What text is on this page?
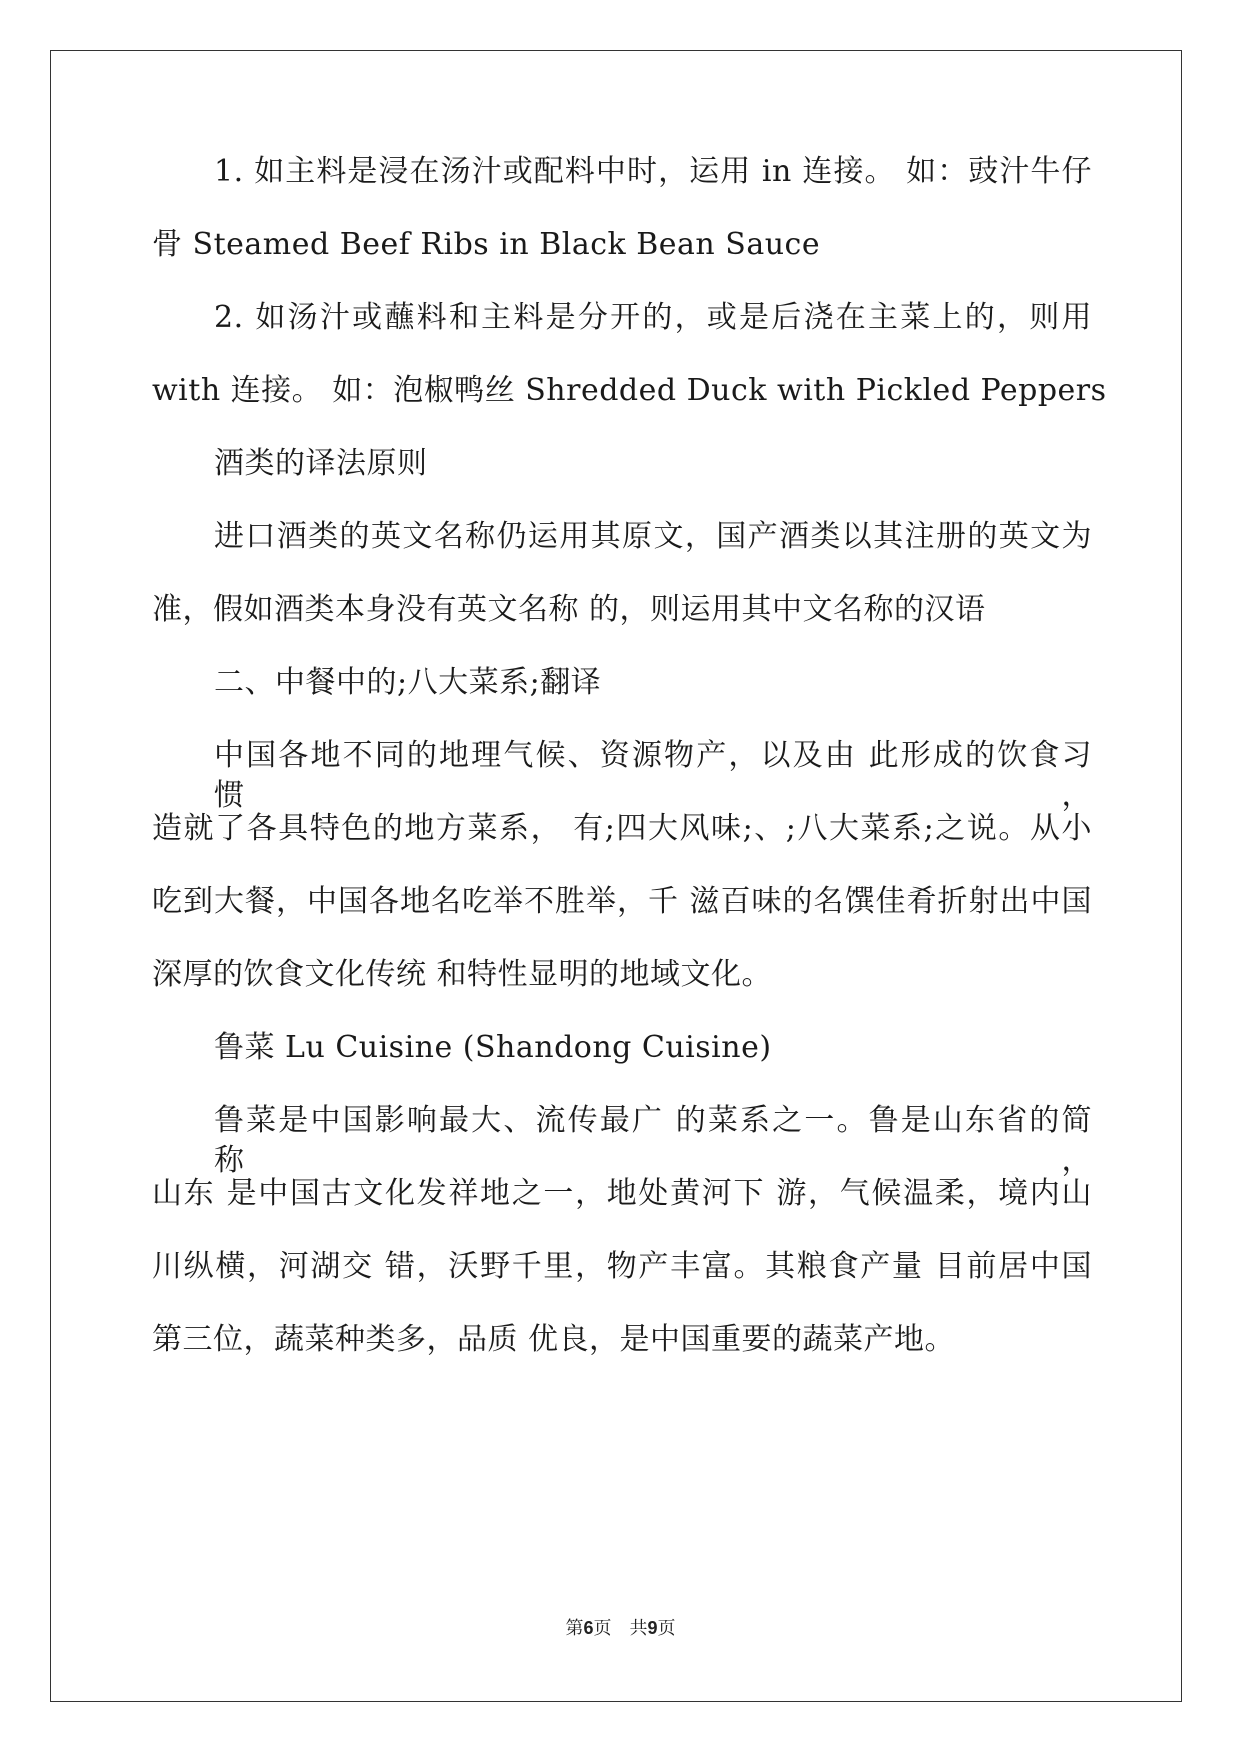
1. 如主料是浸在汤汁或配料中时，运用 in 连接。 如：豉汁牛仔
骨 Steamed Beef Ribs in Black Bean Sauce
2. 如汤汁或蘸料和主料是分开的，或是后浇在主菜上的，则用
with 连接。 如：泡椒鸭丝 Shredded Duck with Pickled Peppers
酒类的译法原则
进口酒类的英文名称仍运用其原文，国产酒类以其注册的英文为
准，假如酒类本身没有英文名称 的，则运用其中文名称的汉语
二、中餐中的;八大菜系;翻译
中国各地不同的地理气候、资源物产，以及由 此形成的饮食习惯，
造就了各具特色的地方菜系， 有;四大风味;、;八大菜系;之说。从小
吃到大餐，中国各地名吃举不胜举，千 滋百味的名馔佳肴折射出中国
深厚的饮食文化传统 和特性显明的地域文化。
鲁菜 Lu Cuisine (Shandong Cuisine)
鲁菜是中国影响最大、流传最广 的菜系之一。鲁是山东省的简称，
山东 是中国古文化发祥地之一，地处黄河下 游，气候温柔，境内山
川纵横，河湖交 错，沃野千里，物产丰富。其粮食产量 目前居中国
第三位，蔬菜种类多，品质 优良，是中国重要的蔬菜产地。
第6页　共9页
